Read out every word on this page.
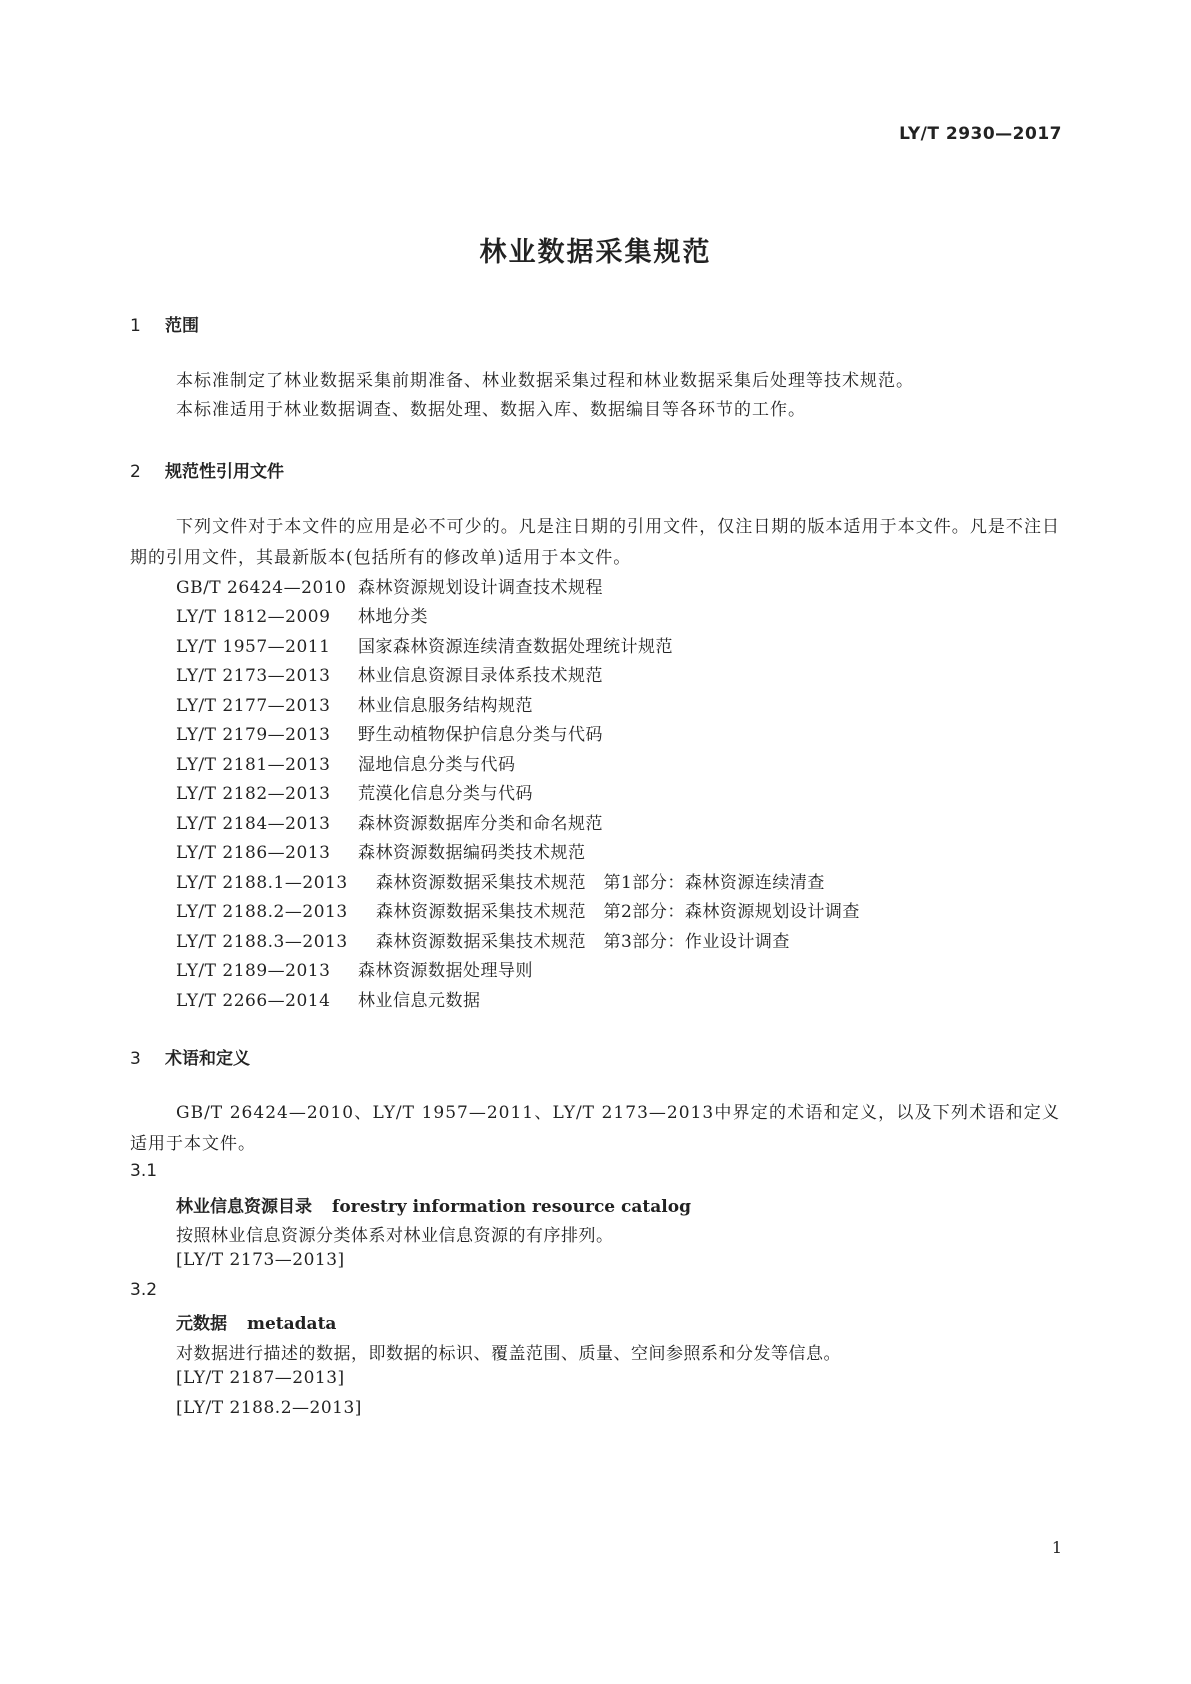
LY/T 2930—2017
林业数据采集规范
1 范围
本标准制定了林业数据采集前期准备、林业数据采集过程和林业数据采集后处理等技术规范。
本标准适用于林业数据调查、数据处理、数据入库、数据编目等各环节的工作。
2 规范性引用文件
下列文件对于本文件的应用是必不可少的。凡是注日期的引用文件，仅注日期的版本适用于本文件。凡是不注日期的引用文件，其最新版本(包括所有的修改单)适用于本文件。
GB/T 26424—2010 森林资源规划设计调查技术规程
LY/T 1812—2009 林地分类
LY/T 1957—2011 国家森林资源连续清查数据处理统计规范
LY/T 2173—2013 林业信息资源目录体系技术规范
LY/T 2177—2013 林业信息服务结构规范
LY/T 2179—2013 野生动植物保护信息分类与代码
LY/T 2181—2013 湿地信息分类与代码
LY/T 2182—2013 荒漠化信息分类与代码
LY/T 2184—2013 森林资源数据库分类和命名规范
LY/T 2186—2013 森林资源数据编码类技术规范
LY/T 2188.1—2013 森林资源数据采集技术规范　第1部分：森林资源连续清查
LY/T 2188.2—2013 森林资源数据采集技术规范　第2部分：森林资源规划设计调查
LY/T 2188.3—2013 森林资源数据采集技术规范　第3部分：作业设计调查
LY/T 2189—2013 森林资源数据处理导则
LY/T 2266—2014 林业信息元数据
3 术语和定义
GB/T 26424—2010、LY/T 1957—2011、LY/T 2173—2013中界定的术语和定义，以及下列术语和定义适用于本文件。
3.1
林业信息资源目录 forestry information resource catalog
按照林业信息资源分类体系对林业信息资源的有序排列。
[LY/T 2173—2013]
3.2
元数据 metadata
对数据进行描述的数据，即数据的标识、覆盖范围、质量、空间参照系和分发等信息。
[LY/T 2187—2013]
[LY/T 2188.2—2013]
1
